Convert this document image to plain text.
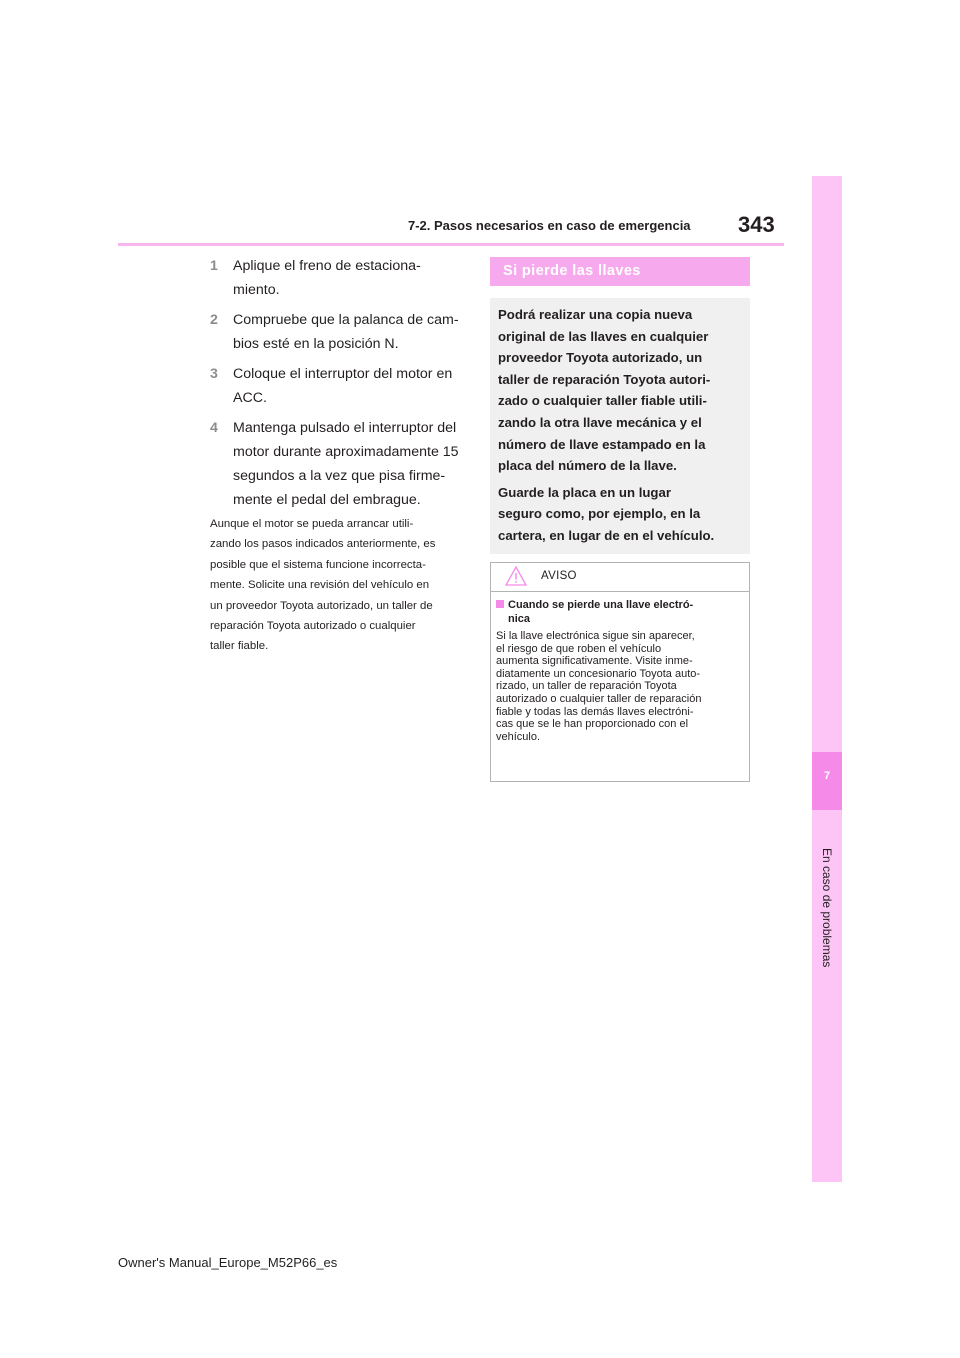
7-2. Pasos necesarios en caso de emergencia 343
7
En caso de problemas
1 Aplique el freno de estaciona-
miento.
2 Compruebe que la palanca de cam-
bios esté en la posición N.
3 Coloque el interruptor del motor en
ACC.
4 Mantenga pulsado el interruptor del
motor durante aproximadamente 15
segundos a la vez que pisa firme-
mente el pedal del embrague.
Aunque el motor se pueda arrancar utili-
zando los pasos indicados anteriormente, es
posible que el sistema funcione incorrecta-
mente. Solicite una revisión del vehículo en
un proveedor Toyota autorizado, un taller de
reparación Toyota autorizado o cualquier
taller fiable.
Si pierde las llaves

Podrá realizar una copia nueva
original de las llaves en cualquier
proveedor Toyota autorizado, un
taller de reparación Toyota autori-
zado o cualquier taller fiable utili-
zando la otra llave mecánica y el
número de llave estampado en la
placa del número de la llave.

Guarde la placa en un lugar
seguro como, por ejemplo, en la
cartera, en lugar de en el vehículo.

AVISO
Cuando se pierde una llave electró-
nica
Si la llave electrónica sigue sin aparecer,
el riesgo de que roben el vehículo
aumenta significativamente. Visite inme-
diatamente un concesionario Toyota auto-
rizado, un taller de reparación Toyota
autorizado o cualquier taller de reparación
fiable y todas las demás llaves electróni-
cas que se le han proporcionado con el
vehículo.
Owner's Manual_Europe_M52P66_es
